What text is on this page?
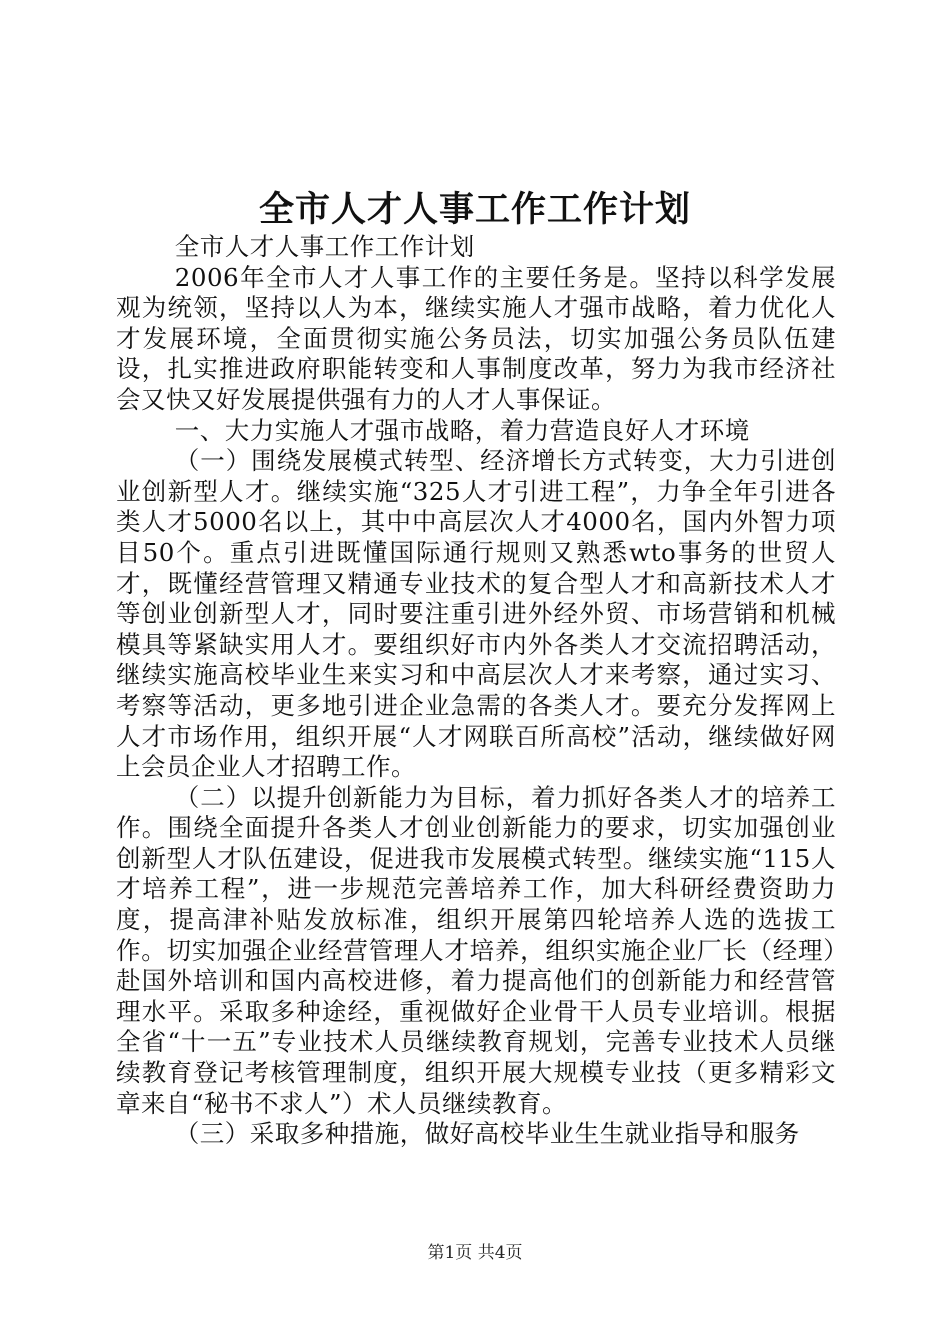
全市人才人事工作工作计划

全市人才人事工作工作计划

2006年全市人才人事工作的主要任务是。坚持以科学发展观为统领，坚持以人为本，继续实施人才强市战略，着力优化人才发展环境，全面贯彻实施公务员法，切实加强公务员队伍建设，扎实推进政府职能转变和人事制度改革，努力为我市经济社会又快又好发展提供强有力的人才人事保证。

一、大力实施人才强市战略，着力营造良好人才环境

（一）围绕发展模式转型、经济增长方式转变，大力引进创业创新型人才。继续实施“325人才引进工程”，力争全年引进各类人才5000名以上，其中中高层次人才4000名，国内外智力项目50个。重点引进既懂国际通行规则又熟悉wto事务的世贸人才，既懂经营管理又精通专业技术的复合型人才和高新技术人才等创业创新型人才，同时要注重引进外经外贸、市场营销和机械模具等紧缺实用人才。要组织好市内外各类人才交流招聘活动，继续实施高校毕业生来实习和中高层次人才来考察，通过实习、考察等活动，更多地引进企业急需的各类人才。要充分发挥网上人才市场作用，组织开展“人才网联百所高校”活动，继续做好网上会员企业人才招聘工作。

（二）以提升创新能力为目标，着力抓好各类人才的培养工作。围绕全面提升各类人才创业创新能力的要求，切实加强创业创新型人才队伍建设，促进我市发展模式转型。继续实施“115人才培养工程”，进一步规范完善培养工作，加大科研经费资助力度，提高津补贴发放标准，组织开展第四轮培养人选的选拔工作。切实加强企业经营管理人才培养，组织实施企业厂长（经理）赴国外培训和国内高校进修，着力提高他们的创新能力和经营管理水平。采取多种途经，重视做好企业骨干人员专业培训。根据全省“十一五”专业技术人员继续教育规划，完善专业技术人员继续教育登记考核管理制度，组织开展大规模专业技（更多精彩文章来自“秘书不求人”）术人员继续教育。

（三）采取多种措施，做好高校毕业生生就业指导和服务

第1页 共4页
